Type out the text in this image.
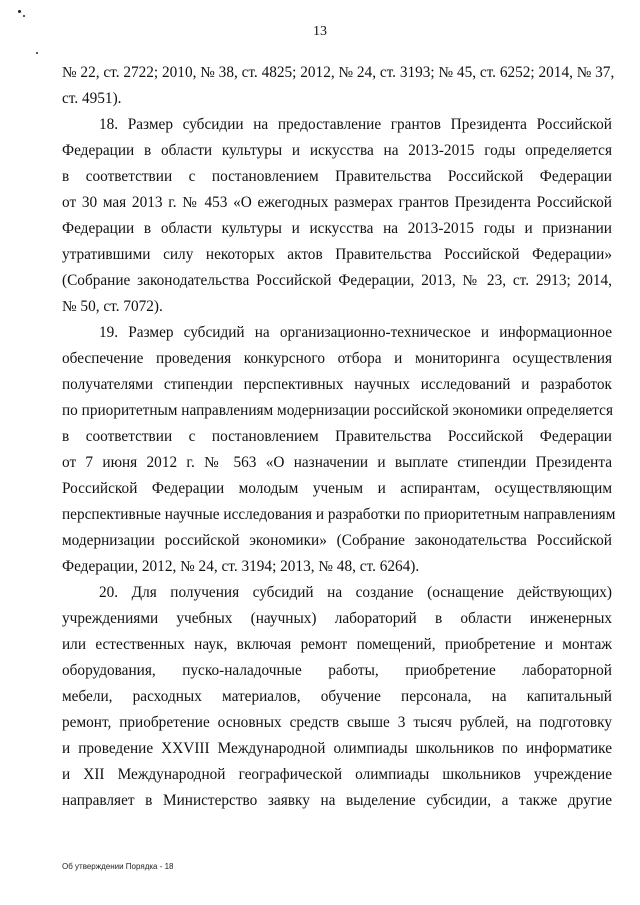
13
№ 22, ст. 2722; 2010, № 38, ст. 4825; 2012, № 24, ст. 3193; № 45, ст. 6252; 2014, № 37,
ст. 4951).
18. Размер субсидии на предоставление грантов Президента Российской
Федерации в области культуры и искусства на 2013-2015 годы определяется
в соответствии с постановлением Правительства Российской Федерации
от 30 мая 2013 г. № 453 «О ежегодных размерах грантов Президента Российской
Федерации в области культуры и искусства на 2013-2015 годы и признании
утратившими силу некоторых актов Правительства Российской Федерации»
(Собрание законодательства Российской Федерации, 2013, № 23, ст. 2913; 2014,
№ 50, ст. 7072).
19. Размер субсидий на организационно-техническое и информационное
обеспечение проведения конкурсного отбора и мониторинга осуществления
получателями стипендии перспективных научных исследований и разработок
по приоритетным направлениям модернизации российской экономики определяется
в соответствии с постановлением Правительства Российской Федерации
от 7 июня 2012 г. № 563 «О назначении и выплате стипендии Президента
Российской Федерации молодым ученым и аспирантам, осуществляющим
перспективные научные исследования и разработки по приоритетным направлениям
модернизации российской экономики» (Собрание законодательства Российской
Федерации, 2012, № 24, ст. 3194; 2013, № 48, ст. 6264).
20. Для получения субсидий на создание (оснащение действующих)
учреждениями учебных (научных) лабораторий в области инженерных
или естественных наук, включая ремонт помещений, приобретение и монтаж
оборудования, пуско-наладочные работы, приобретение лабораторной
мебели, расходных материалов, обучение персонала, на капитальный
ремонт, приобретение основных средств свыше 3 тысяч рублей, на подготовку
и проведение XXVIII Международной олимпиады школьников по информатике
и XII Международной географической олимпиады школьников учреждение
направляет в Министерство заявку на выделение субсидии, а также другие
Об утверждении Порядка - 18
